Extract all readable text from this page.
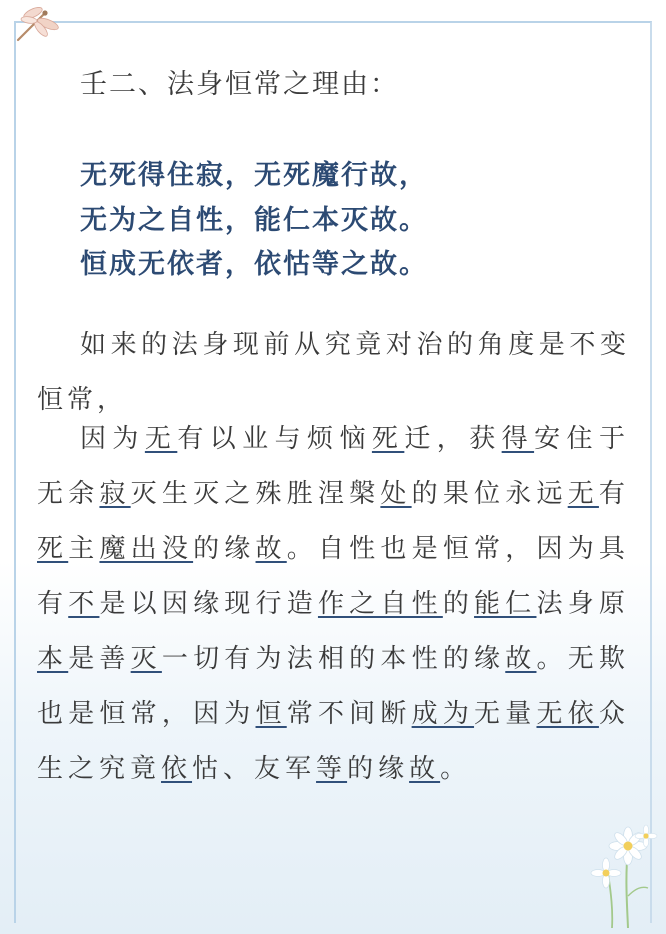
壬二、法身恒常之理由：

无死得住寂，无死魔行故，

无为之自性，能仁本灭故。

恒成无依者，依怙等之故。

如来的法身现前从究竟对治的角度是不变恒常，

因为无有以业与烦恼死迁，获得安住于无余寂灭生灭之殊胜涅槃处的果位永远无有死主魔出没的缘故。自性也是恒常，因为具有不是以因缘现行造作之自性的能仁法身原本是善灭一切有为法相的本性的缘故。无欺也是恒常，因为恒常不间断成为无量无依众生之究竟依怙、友军等的缘故。
